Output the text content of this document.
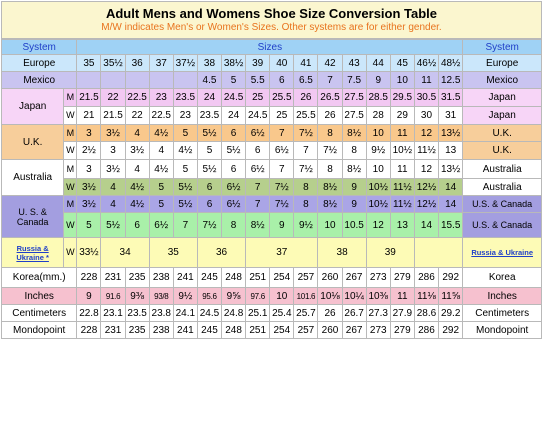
Adult Mens and Womens Shoe Size Conversion Table
M/W indicates Men's or Women's Sizes. Other systems are for either gender.
System		Sizes																System
Europe		35	35½	36	37	37½	38	38½	39	40	41	42	43	44	45	46½	48½	Europe
Mexico							4.5	5	5.5	6	6.5	7	7.5	9	10	11	12.5	Mexico
Japan	M	21.5	22	22.5	23	23.5	24	24.5	25	25.5	26	26.5	27.5	28.5	29.5	30.5	31.5	Japan
	W	21	21.5	22	22.5	23	23.5	24	24.5	25	25.5	26	27.5	28	29	30	31	Japan
U.K.	M	3	3½	4	4½	5	5½	6	6½	7	7½	8	8½	10	11	12	13½	U.K.
	W	2½	3	3½	4	4½	5	5½	6	6½	7	7½	8	9½	10½	11½	13	U.K.
Australia	M	3	3½	4	4½	5	5½	6	6½	7	7½	8	8½	10	11	12	13½	Australia
	W	3½	4	4½	5	5½	6	6½	7	7½	8	8½	9	10½	11½	12½	14	Australia
U. S. & Canada	M	3½	4	4½	5	5½	6	6½	7	7½	8	8½	9	10½	11½	12½	14	U.S. & Canada
	W	5	5½	6	6½	7	7½	8	8½	9	9½	10	10.5	12	13	14	15.5	U.S. & Canada
Russia & Ukraine *	W	33½	34		35		36		37			38		39				Russia & Ukraine
Korea(mm.)		228	231	235	238	241	245	248	251	254	257	260	267	273	279	286	292	Korea
Inches		9	91.6	9⅜	93/8	9½	95.6	9⅝	97.6	10	101.6	10⅛	10¼	10⅜	11	11⅛	11⅝	Inches
Centimeters		22.8	23.1	23.5	23.8	24.1	24.5	24.8	25.1	25.4	25.7	26	26.7	27.3	27.9	28.6	29.2	Centimeters
Mondopoint		228	231	235	238	241	245	248	251	254	257	260	267	273	279	286	292	Mondopoint
